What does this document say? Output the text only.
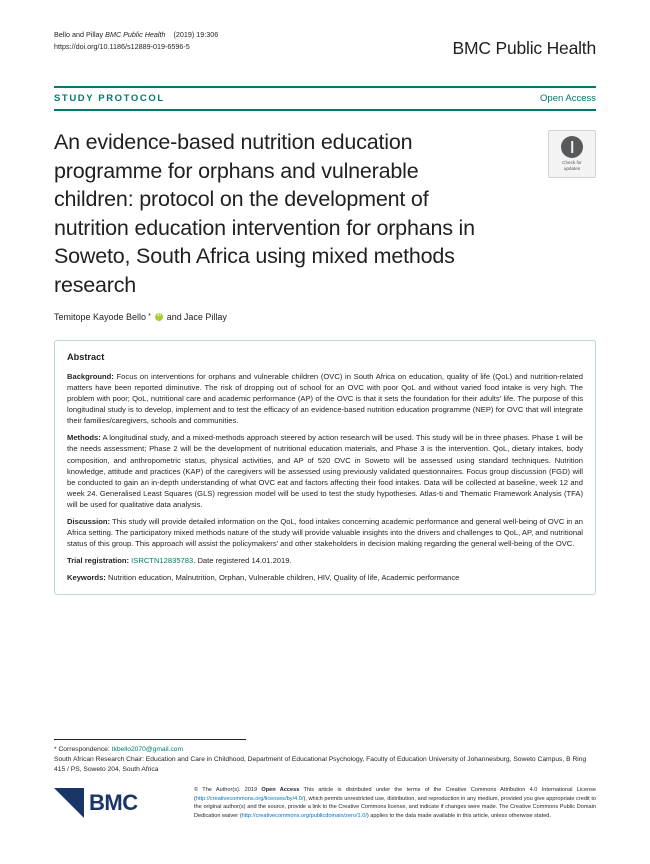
Bello and Pillay BMC Public Health (2019) 19:306
https://doi.org/10.1186/s12889-019-6596-5	BMC Public Health
STUDY PROTOCOL	Open Access
An evidence-based nutrition education programme for orphans and vulnerable children: protocol on the development of nutrition education intervention for orphans in Soweto, South Africa using mixed methods research
Check for
updates
Temitope Kayode Bello * iD and Jace Pillay
Abstract

Background: Focus on interventions for orphans and vulnerable children (OVC) in South Africa on education, quality of life (QoL) and nutrition-related matters have been reported diminutive. The risk of dropping out of school for an OVC with poor QoL and without varied food intake is very high. The problem with poor; QoL, nutritional care and academic performance (AP) of the OVC is that it sets the foundation for their adults' life. The purpose of this longitudinal study is to develop, implement and to test the efficacy of an evidence-based nutrition education programme (NEP) for OVC that will integrate their families/caregivers, schools and communities.

Methods: A longitudinal study, and a mixed-methods approach steered by action research will be used. This study will be in three phases. Phase 1 will be the needs assessment; Phase 2 will be the development of nutritional education materials, and Phase 3 is the intervention. QoL, dietary intakes, body composition, and anthropometric status, physical activities, and AP of 520 OVC in Soweto will be assessed using standard techniques. Nutrition knowledge, attitude and practices (KAP) of the caregivers will be assessed using previously validated questionnaires. Focus group discussion (FGD) will be conducted to gain an in-depth understanding of what OVC eat and factors affecting their food intakes. Data will be collected at baseline, week 12 and week 24. Generalised Least Squares (GLS) regression model will be used to test the study hypotheses. Atlas-ti and Thematic Framework Analysis (TFA) will be used for qualitative data analysis.

Discussion: This study will provide detailed information on the QoL, food intakes concerning academic performance and general well-being of OVC in an Africa setting. The participatory mixed methods nature of the study will provide valuable insights into the drivers and challenges to QoL, AP, and nutritional status of this group. This approach will assist the policymakers' and other stakeholders in decision making regarding the general well-being of the OVC.

Trial registration: ISRCTN12835783. Date registered 14.01.2019.

Keywords: Nutrition education, Malnutrition, Orphan, Vulnerable children, HIV, Quality of life, Academic performance

* Correspondence: tkbello2070@gmail.com
South African Research Chair: Education and Care in Childhood, Department of Educational Psychology, Faculty of Education University of Johannesburg, Soweto Campus, B Ring 415 / PS, Soweto 204, South Africa
BMC	© The Author(s). 2019 Open Access This article is distributed under the terms of the Creative Commons Attribution 4.0 International License (http://creativecommons.org/licenses/by/4.0/), which permits unrestricted use, distribution, and reproduction in any medium, provided you give appropriate credit to the original author(s) and the source, provide a link to the Creative Commons license, and indicate if changes were made. The Creative Commons Public Domain Dedication waiver (http://creativecommons.org/publicdomain/zero/1.0/) applies to the data made available in this article, unless otherwise stated.
